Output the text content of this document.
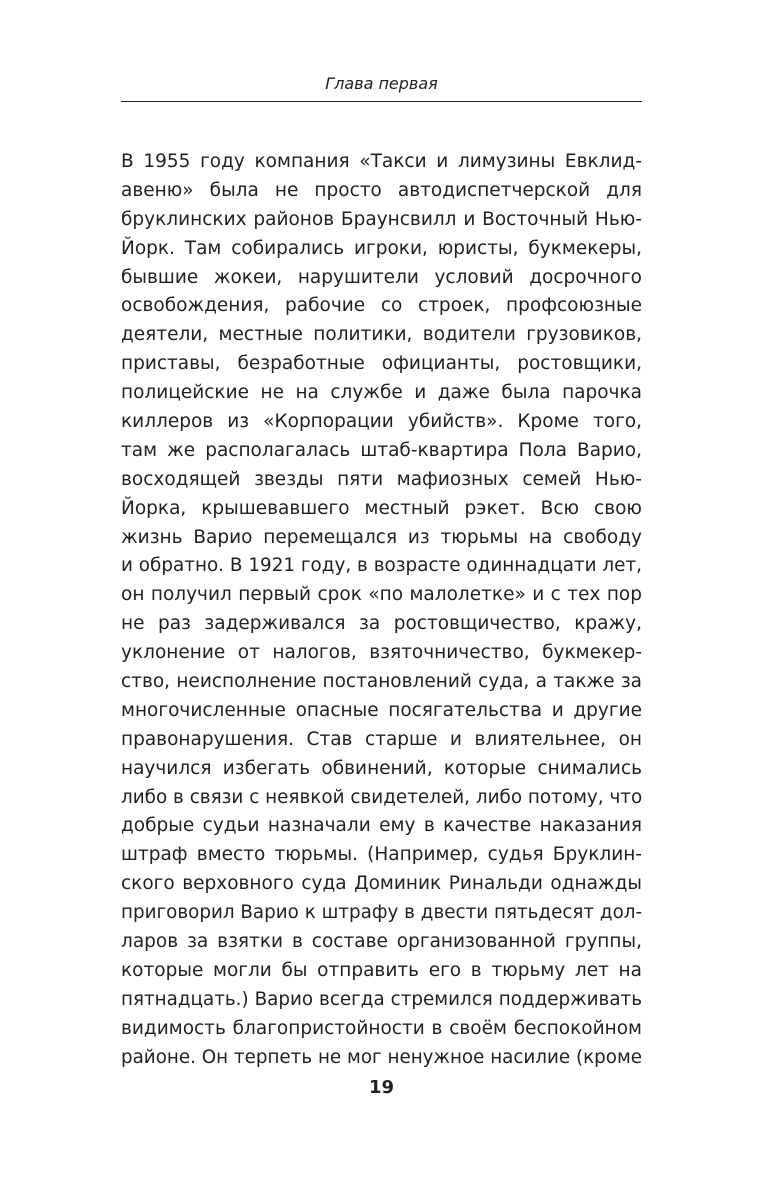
Глава первая
В 1955 году компания «Такси и лимузины Евклид-
авеню» была не просто автодиспетчерской для
бруклинских районов Браунсвилл и Восточный Нью-
Йорк. Там собирались игроки, юристы, букмекеры,
бывшие жокеи, нарушители условий досрочного
освобождения, рабочие со строек, профсоюзные
деятели, местные политики, водители грузовиков,
приставы, безработные официанты, ростовщики,
полицейские не на службе и даже была парочка
киллеров из «Корпорации убийств». Кроме того,
там же располагалась штаб-квартира Пола Варио,
восходящей звезды пяти мафиозных семей Нью-
Йорка, крышевавшего местный рэкет. Всю свою
жизнь Варио перемещался из тюрьмы на свободу
и обратно. В 1921 году, в возрасте одиннадцати лет,
он получил первый срок «по малолетке» и с тех пор
не раз задерживался за ростовщичество, кражу,
уклонение от налогов, взяточничество, букмекер-
ство, неисполнение постановлений суда, а также за
многочисленные опасные посягательства и другие
правонарушения. Став старше и влиятельнее, он
научился избегать обвинений, которые снимались
либо в связи с неявкой свидетелей, либо потому, что
добрые судьи назначали ему в качестве наказания
штраф вместо тюрьмы. (Например, судья Бруклин-
ского верховного суда Доминик Ринальди однажды
приговорил Варио к штрафу в двести пятьдесят дол-
ларов за взятки в составе организованной группы,
которые могли бы отправить его в тюрьму лет на
пятнадцать.) Варио всегда стремился поддерживать
видимость благопристойности в своём беспокойном
районе. Он терпеть не мог ненужное насилие (кроме
19
